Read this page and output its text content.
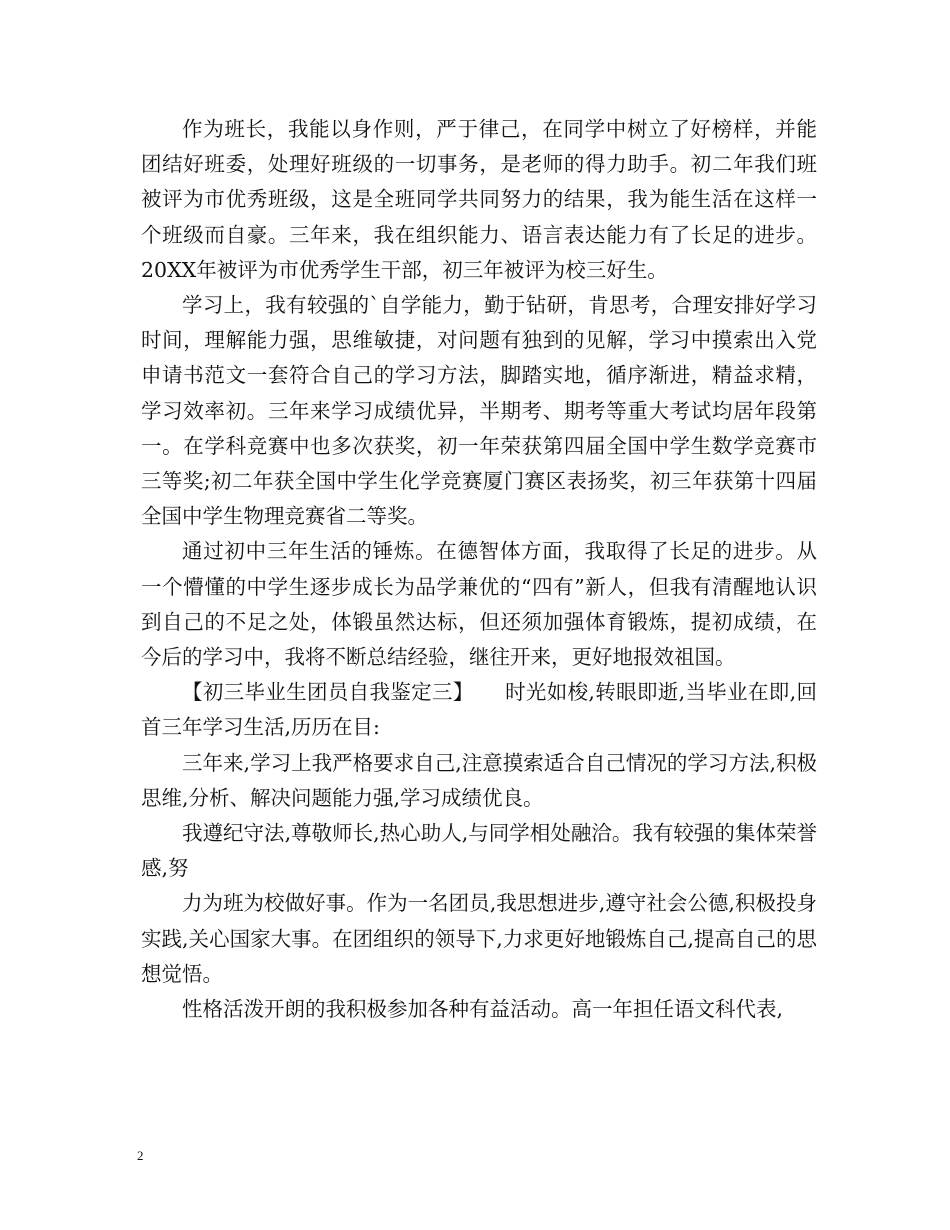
作为班长，我能以身作则，严于律己，在同学中树立了好榜样，并能团结好班委，处理好班级的一切事务，是老师的得力助手。初二年我们班被评为市优秀班级，这是全班同学共同努力的结果，我为能生活在这样一个班级而自豪。三年来，我在组织能力、语言表达能力有了长足的进步。20XX年被评为市优秀学生干部，初三年被评为校三好生。

学习上，我有较强的`自学能力，勤于钻研，肯思考，合理安排好学习时间，理解能力强，思维敏捷，对问题有独到的见解，学习中摸索出入党申请书范文一套符合自己的学习方法，脚踏实地，循序渐进，精益求精，学习效率初。三年来学习成绩优异，半期考、期考等重大考试均居年段第一。在学科竞赛中也多次获奖，初一年荣获第四届全国中学生数学竞赛市三等奖;初二年获全国中学生化学竞赛厦门赛区表扬奖，初三年获第十四届全国中学生物理竞赛省二等奖。

通过初中三年生活的锤炼。在德智体方面，我取得了长足的进步。从一个懵懂的中学生逐步成长为品学兼优的“四有”新人，但我有清醒地认识到自己的不足之处，体锻虽然达标，但还须加强体育锻炼，提初成绩，在今后的学习中，我将不断总结经验，继往开来，更好地报效祖国。

【初三毕业生团员自我鉴定三】　　时光如梭,转眼即逝,当毕业在即,回首三年学习生活,历历在目:

三年来,学习上我严格要求自己,注意摸索适合自己情况的学习方法,积极思维,分析、解决问题能力强,学习成绩优良。

我遵纪守法,尊敬师长,热心助人,与同学相处融洽。我有较强的集体荣誉感,努

力为班为校做好事。作为一名团员,我思想进步,遵守社会公德,积极投身实践,关心国家大事。在团组织的领导下,力求更好地锻炼自己,提高自己的思想觉悟。

性格活泼开朗的我积极参加各种有益活动。高一年担任语文科代表,

2
